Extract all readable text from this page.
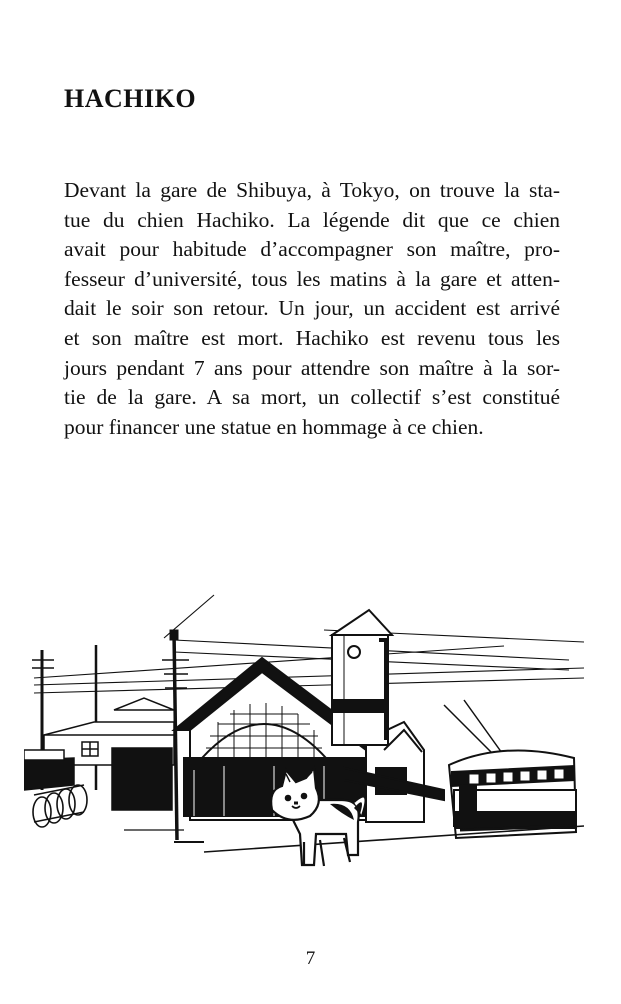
HACHIKO
Devant la gare de Shibuya, à Tokyo, on trouve la sta-
tue du chien Hachiko. La légende dit que ce chien
avait pour habitude d’accompagner son maître, pro-
fesseur d’université, tous les matins à la gare et atten-
dait le soir son retour. Un jour, un accident est arrivé
et son maître est mort. Hachiko est revenu tous les
jours pendant 7 ans pour attendre son maître à la sor-
tie de la gare. A sa mort, un collectif s’est constitué
pour financer une statue en hommage à ce chien.
7
